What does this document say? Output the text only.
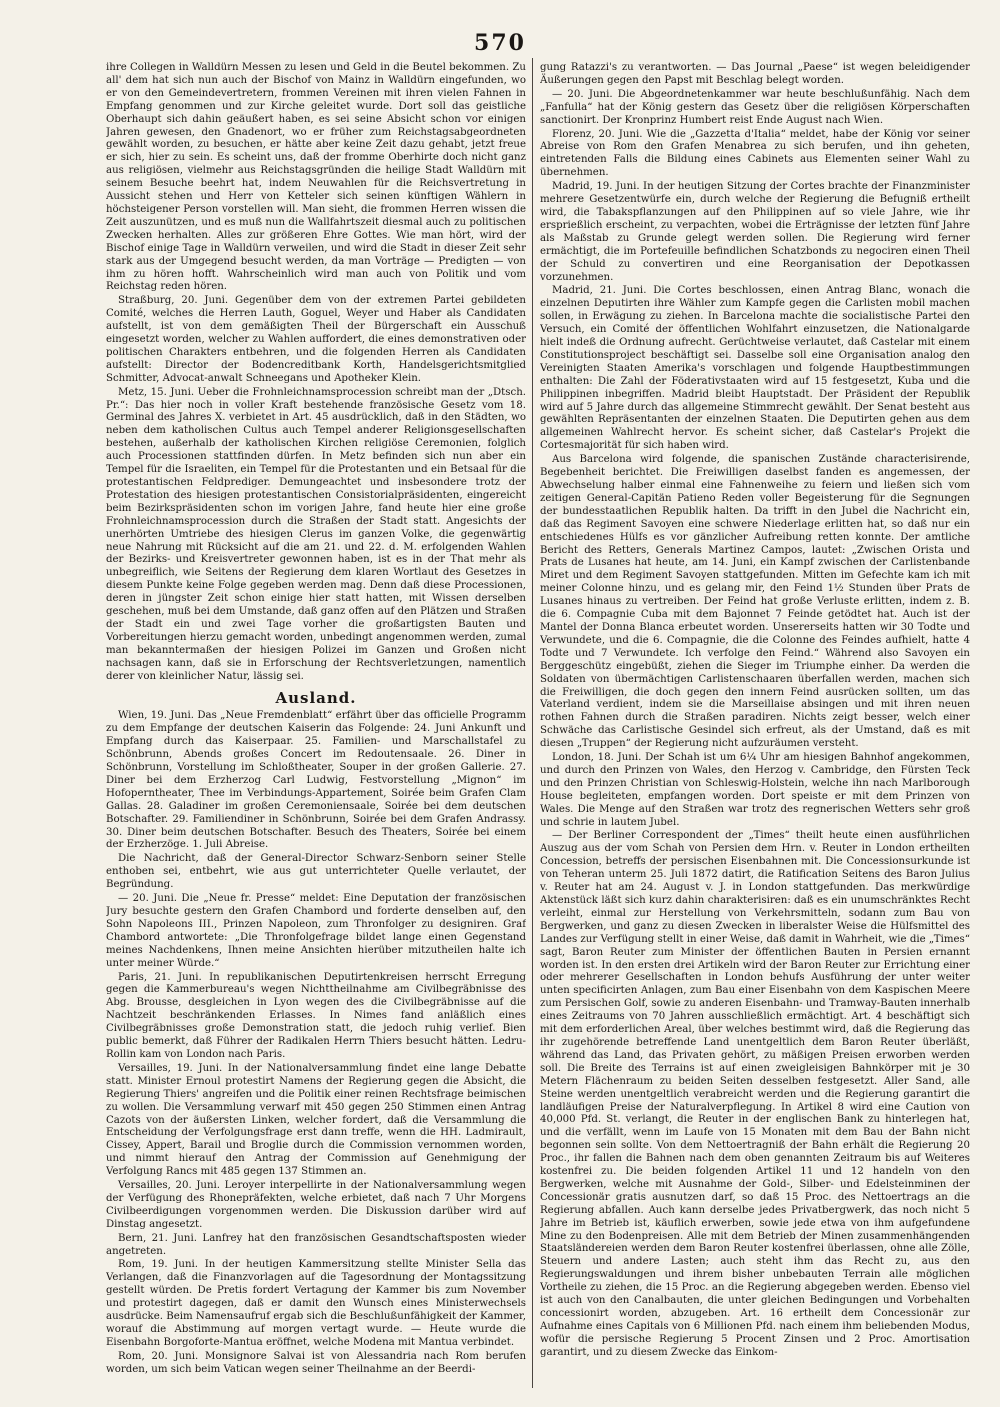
570

ihre Collegen in Walldürn Messen zu lesen und Geld in die Beutel bekommen. Zu all' dem hat sich nun auch der Bischof von Mainz in Walldürn eingefunden, wo er von den Gemeindevertretern, frommen Vereinen mit ihren vielen Fahnen in Empfang genommen und zur Kirche geleitet wurde. Dort soll das geistliche Oberhaupt sich dahin geäußert haben, es sei seine Absicht schon vor einigen Jahren gewesen, den Gnadenort, wo er früher zum Reichstagsabgeordneten gewählt worden, zu besuchen, er hätte aber keine Zeit dazu gehabt, jetzt freue er sich, hier zu sein. Es scheint uns, daß der fromme Oberhirte doch nicht ganz aus religiösen, vielmehr aus Reichstagsgründen die heilige Stadt Walldürn mit seinem Besuche beehrt hat, indem Neuwahlen für die Reichsvertretung in Aussicht stehen und Herr von Ketteler sich seinen künftigen Wählern in höchsteigener Person vorstellen will. Man sieht, die frommen Herren wissen die Zeit auszunützen, und es muß nun die Wallfahrtszeit diesmal auch zu politischen Zwecken herhalten. Alles zur größeren Ehre Gottes. Wie man hört, wird der Bischof einige Tage in Walldürn verweilen, und wird die Stadt in dieser Zeit sehr stark aus der Umgegend besucht werden, da man Vorträge — Predigten — von ihm zu hören hofft. Wahrscheinlich wird man auch von Politik und vom Reichstag reden hören.

Straßburg, 20. Juni. Gegenüber dem von der extremen Partei gebildeten Comité, welches die Herren Lauth, Goguel, Weyer und Haber als Candidaten aufstellt, ist von dem gemäßigten Theil der Bürgerschaft ein Ausschuß eingesetzt worden, welcher zu Wahlen auffordert, die eines demonstrativen oder politischen Charakters entbehren, und die folgenden Herren als Candidaten aufstellt: Director der Bodencreditbank Korth, Handelsgerichtsmitglied Schmitter, Advocat-anwalt Schneegans und Apotheker Klein.

Metz, 15. Juni. Ueber die Frohnleichnamsprocession schreibt man der „Dtsch. Pr.“: Das hier noch in voller Kraft bestehende französische Gesetz vom 18. Germinal des Jahres X. verbietet in Art. 45 ausdrücklich, daß in den Städten, wo neben dem katholischen Cultus auch Tempel anderer Religionsgesellschaften bestehen, außerhalb der katholischen Kirchen religiöse Ceremonien, folglich auch Processionen stattfinden dürfen. In Metz befinden sich nun aber ein Tempel für die Israeliten, ein Tempel für die Protestanten und ein Betsaal für die protestantischen Feldprediger. Demungeachtet und insbesondere trotz der Protestation des hiesigen protestantischen Consistorialpräsidenten, eingereicht beim Bezirkspräsidenten schon im vorigen Jahre, fand heute hier eine große Frohnleichnamsprocession durch die Straßen der Stadt statt. Angesichts der unerhörten Umtriebe des hiesigen Clerus im ganzen Volke, die gegenwärtig neue Nahrung mit Rücksicht auf die am 21. und 22. d. M. erfolgenden Wahlen der Bezirks- und Kreisvertreter gewonnen haben, ist es in der That mehr als unbegreiflich, wie Seitens der Regierung dem klaren Wortlaut des Gesetzes in diesem Punkte keine Folge gegeben werden mag. Denn daß diese Processionen, deren in jüngster Zeit schon einige hier statt hatten, mit Wissen derselben geschehen, muß bei dem Umstande, daß ganz offen auf den Plätzen und Straßen der Stadt ein und zwei Tage vorher die großartigsten Bauten und Vorbereitungen hierzu gemacht worden, unbedingt angenommen werden, zumal man bekanntermaßen der hiesigen Polizei im Ganzen und Großen nicht nachsagen kann, daß sie in Erforschung der Rechtsverletzungen, namentlich derer von kleinlicher Natur, lässig sei.

Ausland.

Wien, 19. Juni. Das „Neue Fremdenblatt“ erfährt über das officielle Programm zu dem Empfange der deutschen Kaiserin das Folgende: 24. Juni Ankunft und Empfang durch das Kaiserpaar. 25. Familien- und Marschallstafel zu Schönbrunn, Abends großes Concert im Redoutensaale. 26. Diner in Schönbrunn, Vorstellung im Schloßtheater, Souper in der großen Gallerie. 27. Diner bei dem Erzherzog Carl Ludwig, Festvorstellung „Mignon“ im Hofoperntheater, Thee im Verbindungs-Appartement, Soirée beim Grafen Clam Gallas. 28. Galadiner im großen Ceremoniensaale, Soirée bei dem deutschen Botschafter. 29. Familiendiner in Schönbrunn, Soirée bei dem Grafen Andrassy. 30. Diner beim deutschen Botschafter. Besuch des Theaters, Soirée bei einem der Erzherzöge. 1. Juli Abreise.

Die Nachricht, daß der General-Director Schwarz-Senborn seiner Stelle enthoben sei, entbehrt, wie aus gut unterrichteter Quelle verlautet, der Begründung.

— 20. Juni. Die „Neue fr. Presse“ meldet: Eine Deputation der französischen Jury besuchte gestern den Grafen Chambord und forderte denselben auf, den Sohn Napoleons III., Prinzen Napoleon, zum Thronfolger zu designiren. Graf Chambord antwortete: „Die Thronfolgefrage bildet lange einen Gegenstand meines Nachdenkens, Ihnen meine Ansichten hierüber mitzutheilen halte ich unter meiner Würde.“

Paris, 21. Juni. In republikanischen Deputirtenkreisen herrscht Erregung gegen die Kammerbureau's wegen Nichttheilnahme am Civilbegräbnisse des Abg. Brousse, desgleichen in Lyon wegen des die Civilbegräbnisse auf die Nachtzeit beschränkenden Erlasses. In Nimes fand anläßlich eines Civilbegräbnisses große Demonstration statt, die jedoch ruhig verlief. Bien public bemerkt, daß Führer der Radikalen Herrn Thiers besucht hätten. Ledru-Rollin kam von London nach Paris.

Versailles, 19. Juni. In der Nationalversammlung findet eine lange Debatte statt. Minister Ernoul protestirt Namens der Regierung gegen die Absicht, die Regierung Thiers' angreifen und die Politik einer reinen Rechtsfrage beimischen zu wollen. Die Versammlung verwarf mit 450 gegen 250 Stimmen einen Antrag Cazots von der äußersten Linken, welcher fordert, daß die Versammlung die Entscheidung der Verfolgungsfrage erst dann treffe, wenn die HH. Ladmirault, Cissey, Appert, Barail und Broglie durch die Commission vernommen worden, und nimmt hierauf den Antrag der Commission auf Genehmigung der Verfolgung Rancs mit 485 gegen 137 Stimmen an.

Versailles, 20. Juni. Leroyer interpellirte in der Nationalversammlung wegen der Verfügung des Rhonepräfekten, welche erbietet, daß nach 7 Uhr Morgens Civilbeerdigungen vorgenommen werden. Die Diskussion darüber wird auf Dinstag angesetzt.

Bern, 21. Juni. Lanfrey hat den französischen Gesandtschaftsposten wieder angetreten.

Rom, 19. Juni. In der heutigen Kammersitzung stellte Minister Sella das Verlangen, daß die Finanzvorlagen auf die Tagesordnung der Montagssitzung gestellt würden. De Pretis fordert Vertagung der Kammer bis zum November und protestirt dagegen, daß er damit den Wunsch eines Ministerwechsels ausdrücke. Beim Namensaufruf ergab sich die Beschlußunfähigkeit der Kammer, worauf die Abstimmung auf morgen vertagt wurde. — Heute wurde die Eisenbahn Borgoforte-Mantua eröffnet, welche Modena mit Mantua verbindet.

Rom, 20. Juni. Monsignore Salvai ist von Alessandria nach Rom berufen worden, um sich beim Vatican wegen seiner Theilnahme an der Beerdi-

gung Ratazzi's zu verantworten. — Das Journal „Paese“ ist wegen beleidigender Äußerungen gegen den Papst mit Beschlag belegt worden.

— 20. Juni. Die Abgeordnetenkammer war heute beschlußunfähig. Nach dem „Fanfulla“ hat der König gestern das Gesetz über die religiösen Körperschaften sanctionirt. Der Kronprinz Humbert reist Ende August nach Wien.

Florenz, 20. Juni. Wie die „Gazzetta d'Italia“ meldet, habe der König vor seiner Abreise von Rom den Grafen Menabrea zu sich berufen, und ihn geheten, eintretenden Falls die Bildung eines Cabinets aus Elementen seiner Wahl zu übernehmen.

Madrid, 19. Juni. In der heutigen Sitzung der Cortes brachte der Finanzminister mehrere Gesetzentwürfe ein, durch welche der Regierung die Befugniß ertheilt wird, die Tabakspflanzungen auf den Philippinen auf so viele Jahre, wie ihr ersprießlich erscheint, zu verpachten, wobei die Erträgnisse der letzten fünf Jahre als Maßstab zu Grunde gelegt werden sollen. Die Regierung wird ferner ermächtigt, die im Portefeuille befindlichen Schatzbonds zu negociren einen Theil der Schuld zu convertiren und eine Reorganisation der Depotkassen vorzunehmen.

Madrid, 21. Juni. Die Cortes beschlossen, einen Antrag Blanc, wonach die einzelnen Deputirten ihre Wähler zum Kampfe gegen die Carlisten mobil machen sollen, in Erwägung zu ziehen. In Barcelona machte die socialistische Partei den Versuch, ein Comité der öffentlichen Wohlfahrt einzusetzen, die Nationalgarde hielt indeß die Ordnung aufrecht. Gerüchtweise verlautet, daß Castelar mit einem Constitutionsproject beschäftigt sei. Dasselbe soll eine Organisation analog den Vereinigten Staaten Amerika's vorschlagen und folgende Hauptbestimmungen enthalten: Die Zahl der Föderativstaaten wird auf 15 festgesetzt, Kuba und die Philippinen inbegriffen. Madrid bleibt Hauptstadt. Der Präsident der Republik wird auf 5 Jahre durch das allgemeine Stimmrecht gewählt. Der Senat besteht aus gewählten Repräsentanten der einzelnen Staaten. Die Deputirten gehen aus dem allgemeinen Wahlrecht hervor. Es scheint sicher, daß Castelar's Projekt die Cortesmajorität für sich haben wird.

Aus Barcelona wird folgende, die spanischen Zustände characterisirende, Begebenheit berichtet. Die Freiwilligen daselbst fanden es angemessen, der Abwechselung halber einmal eine Fahnenweihe zu feiern und ließen sich vom zeitigen General-Capitän Patieno Reden voller Begeisterung für die Segnungen der bundesstaatlichen Republik halten. Da trifft in den Jubel die Nachricht ein, daß das Regiment Savoyen eine schwere Niederlage erlitten hat, so daß nur ein entschiedenes Hülfs es vor gänzlicher Aufreibung retten konnte. Der amtliche Bericht des Retters, Generals Martinez Campos, lautet: „Zwischen Orista und Prats de Lusanes hat heute, am 14. Juni, ein Kampf zwischen der Carlistenbande Miret und dem Regiment Savoyen stattgefunden. Mitten im Gefechte kam ich mit meiner Colonne hinzu, und es gelang mir, den Feind 1½ Stunden über Prats de Lusanes hinaus zu vertreiben. Der Feind hat große Verluste erlitten, indem z. B. die 6. Compagnie Cuba mit dem Bajonnet 7 Feinde getödtet hat. Auch ist der Mantel der Donna Blanca erbeutet worden. Unsererseits hatten wir 30 Todte und Verwundete, und die 6. Compagnie, die die Colonne des Feindes aufhielt, hatte 4 Todte und 7 Verwundete. Ich verfolge den Feind.“ Während also Savoyen ein Berggeschütz eingebüßt, ziehen die Sieger im Triumphe einher. Da werden die Soldaten von übermächtigen Carlistenschaaren überfallen werden, machen sich die Freiwilligen, die doch gegen den innern Feind ausrücken sollten, um das Vaterland verdient, indem sie die Marseillaise absingen und mit ihren neuen rothen Fahnen durch die Straßen paradiren. Nichts zeigt besser, welch einer Schwäche das Carlistische Gesindel sich erfreut, als der Umstand, daß es mit diesen „Truppen“ der Regierung nicht aufzuräumen versteht.

London, 18. Juni. Der Schah ist um 6¼ Uhr am hiesigen Bahnhof angekommen, und durch den Prinzen von Wales, den Herzog v. Cambridge, den Fürsten Teck und den Prinzen Christian von Schleswig-Holstein, welche ihn nach Marlborough House begleiteten, empfangen worden. Dort speiste er mit dem Prinzen von Wales. Die Menge auf den Straßen war trotz des regnerischen Wetters sehr groß und schrie in lautem Jubel.

— Der Berliner Correspondent der „Times“ theilt heute einen ausführlichen Auszug aus der vom Schah von Persien dem Hrn. v. Reuter in London ertheilten Concession, betreffs der persischen Eisenbahnen mit. Die Concessionsurkunde ist von Teheran unterm 25. Juli 1872 datirt, die Ratification Seitens des Baron Julius v. Reuter hat am 24. August v. J. in London stattgefunden. Das merkwürdige Aktenstück läßt sich kurz dahin charakterisiren: daß es ein unumschränktes Recht verleiht, einmal zur Herstellung von Verkehrsmitteln, sodann zum Bau von Bergwerken, und ganz zu diesen Zwecken in liberalster Weise die Hülfsmittel des Landes zur Verfügung stellt in einer Weise, daß damit in Wahrheit, wie die „Times“ sagt, Baron Reuter zum Minister der öffentlichen Bauten in Persien ernannt worden ist. In den ersten drei Artikeln wird der Baron Reuter zur Errichtung einer oder mehrerer Gesellschaften in London behufs Ausführung der unter weiter unten specificirten Anlagen, zum Bau einer Eisenbahn von dem Kaspischen Meere zum Persischen Golf, sowie zu anderen Eisenbahn- und Tramway-Bauten innerhalb eines Zeitraums von 70 Jahren ausschließlich ermächtigt. Art. 4 beschäftigt sich mit dem erforderlichen Areal, über welches bestimmt wird, daß die Regierung das ihr zugehörende betreffende Land unentgeltlich dem Baron Reuter überläßt, während das Land, das Privaten gehört, zu mäßigen Preisen erworben werden soll. Die Breite des Terrains ist auf einen zweigleisigen Bahnkörper mit je 30 Metern Flächenraum zu beiden Seiten desselben festgesetzt. Aller Sand, alle Steine werden unentgeltlich verabreicht werden und die Regierung garantirt die landläufigen Preise der Naturalverpflegung. In Artikel 8 wird eine Caution von 40,000 Pfd. St. verlangt, die Reuter in der englischen Bank zu hinterlegen hat, und die verfällt, wenn im Laufe von 15 Monaten mit dem Bau der Bahn nicht begonnen sein sollte. Von dem Nettoertragniß der Bahn erhält die Regierung 20 Proc., ihr fallen die Bahnen nach dem oben genannten Zeitraum bis auf Weiteres kostenfrei zu. Die beiden folgenden Artikel 11 und 12 handeln von den Bergwerken, welche mit Ausnahme der Gold-, Silber- und Edelsteinminen der Concessionär gratis ausnutzen darf, so daß 15 Proc. des Nettoertrags an die Regierung abfallen. Auch kann derselbe jedes Privatbergwerk, das noch nicht 5 Jahre im Betrieb ist, käuflich erwerben, sowie jede etwa von ihm aufgefundene Mine zu den Bodenpreisen. Alle mit dem Betrieb der Minen zusammenhängenden Staatsländereien werden dem Baron Reuter kostenfrei überlassen, ohne alle Zölle, Steuern und andere Lasten; auch steht ihm das Recht zu, aus den Regierungswaldungen und ihrem bisher unbebauten Terrain alle möglichen Vortheile zu ziehen, die 15 Proc. an die Regierung abgegeben werden. Ebenso viel ist auch von den Canalbauten, die unter gleichen Bedingungen und Vorbehalten concessionirt worden, abzugeben. Art. 16 ertheilt dem Concessionär zur Aufnahme eines Capitals von 6 Millionen Pfd. nach einem ihm beliebenden Modus, wofür die persische Regierung 5 Procent Zinsen und 2 Proc. Amortisation garantirt, und zu diesem Zwecke das Einkom-
